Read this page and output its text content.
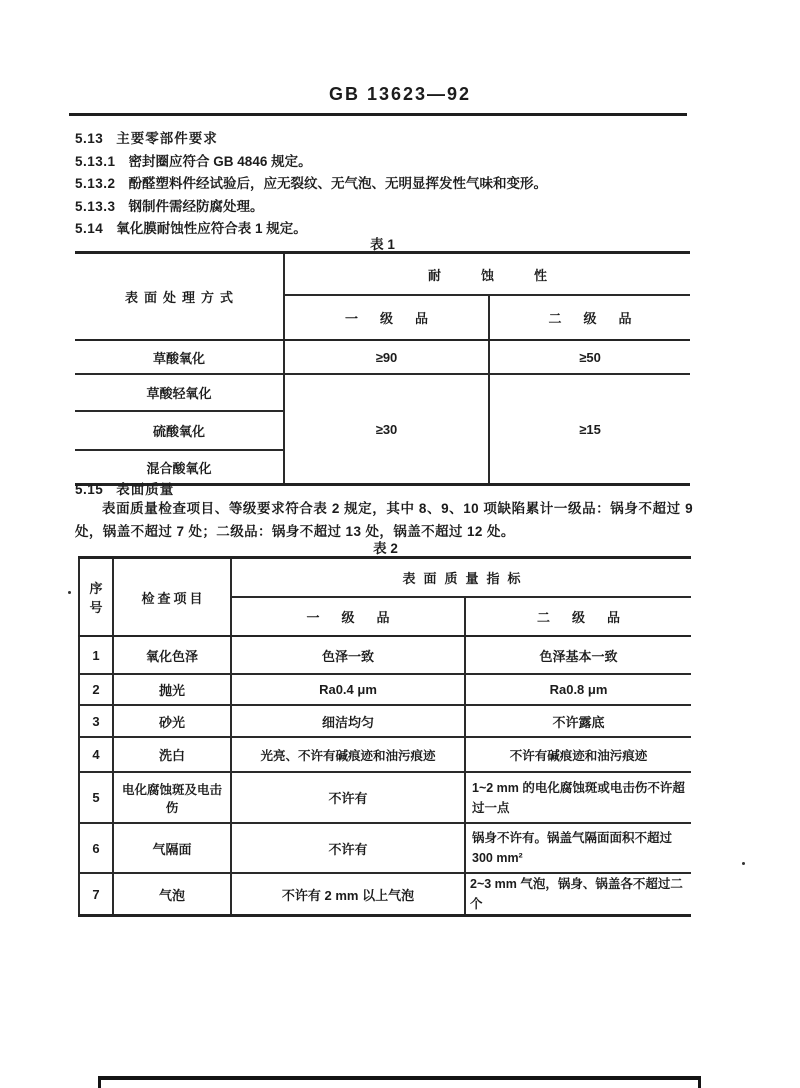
GB 13623—92
5.13 主要零部件要求
5.13.1 密封圈应符合 GB 4846 规定。
5.13.2 酚醛塑料件经试验后，应无裂纹、无气泡、无明显挥发性气味和变形。
5.13.3 钢制件需经防腐处理。
5.14 氧化膜耐蚀性应符合表 1 规定。
表 1
表面处理方式	耐蚀性	
	一级品	二级品
草酸氧化	≥90	≥50
草酸轻氧化	≥30	≥15
硫酸氧化		
混合酸氧化		
5.15 表面质量
表面质量检查项目、等级要求符合表 2 规定，其中 8、9、10 项缺陷累计一级品：锅身不超过 9 处，锅盖不超过 7 处；二级品：锅身不超过 13 处，锅盖不超过 12 处。
表 2
序号	检查项目	表面质量指标	
		一级品	二级品
1	氧化色泽	色泽一致	色泽基本一致
2	抛光	Ra0.4 μm	Ra0.8 μm
3	砂光	细洁均匀	不许露底
4	洗白	光亮、不许有碱痕迹和油污痕迹	不许有碱痕迹和油污痕迹
5	电化腐蚀斑及电击伤	不许有	1~2 mm 的电化腐蚀斑或电击伤不许超过一点
6	气隔面	不许有	锅身不许有。锅盖气隔面面积不超过 300 mm²
7	气泡	不许有 2 mm 以上气泡	2~3 mm 气泡，锅身、锅盖各不超过二个
